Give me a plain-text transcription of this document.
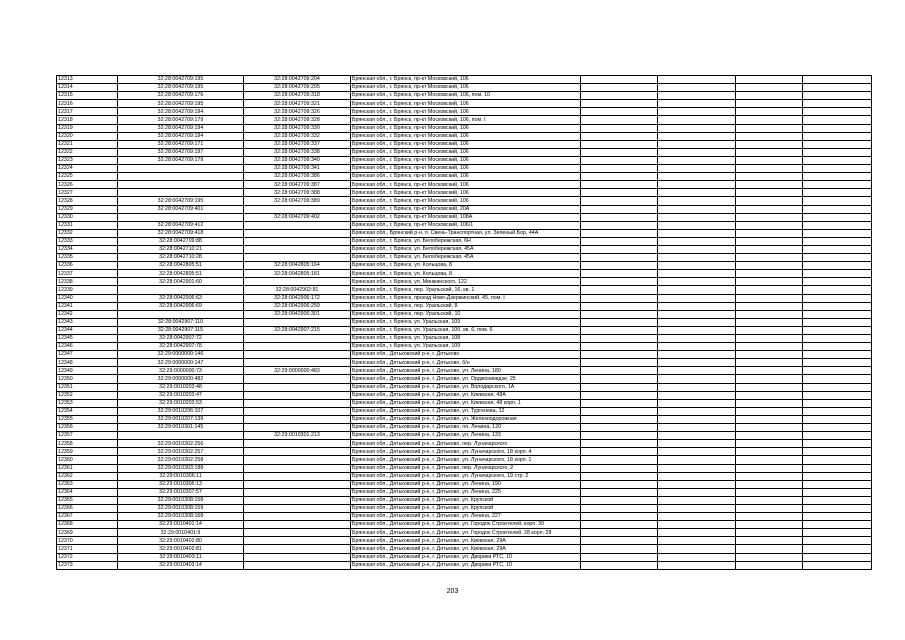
12313	32:28:0042709:195	32:28:0042709:204	Брянская обл., г. Брянск, пр-кт Московский, 106				
12314	32:28:0042709:195	32:28:0042709:205	Брянская обл., г. Брянск, пр-кт Московский, 106				
12315	32:28:0042709:176	32:28:0042709:318	Брянская обл., г. Брянск, пр-кт Московский, 106, пом. 10				
12316	32:28:0042709:195	32:28:0042709:321	Брянская обл., г. Брянск, пр-кт Московский, 106				
12317	32:28:0042709:194	32:28:0042709:326	Брянская обл., г. Брянск, пр-кт Московский, 106				
12318	32:28:0042709:179	32:28:0042709:328	Брянская обл., г. Брянск, пр-кт Московский, 106, пом. I				
12319	32:28:0042709:194	32:28:0042709:330	Брянская обл., г. Брянск, пр-кт Московский, 106				
12320	32:28:0042709:194	32:28:0042709:332	Брянская обл., г. Брянск, пр-кт Московский, 106				
12321	32:28:0042709:171	32:28:0042709:337	Брянская обл., г. Брянск, пр-кт Московский, 106				
12322	32:28:0042709:197	32:28:0042709:338	Брянская обл., г. Брянск, пр-кт Московский, 106				
12323	32:28:0042709:179	32:28:0042709:340	Брянская обл., г. Брянск, пр-кт Московский, 106				
12324		32:28:0042709:341	Брянская обл., г. Брянск, пр-кт Московский, 106				
12325		32:28:0042709:386	Брянская обл., г. Брянск, пр-кт Московский, 106				
12326		32:28:0042709:387	Брянская обл., г. Брянск, пр-кт Московский, 106				
12327		32:28:0042709:388	Брянская обл., г. Брянск, пр-кт Московский, 106				
12328	32:28:0042709:195	32:28:0042709:389	Брянская обл., г. Брянск, пр-кт Московский, 106				
12329	32:28:0042709:401		Брянская обл., г. Брянск, пр-кт Московский, 20А				
12330		32:28:0042709:402	Брянская обл., г. Брянск, пр-кт Московский, 108А				
12331	32:28:0042709:412		Брянская обл., г. Брянск, пр-кт Московский, 106/1				
12332	32:28:0042709:418		Брянская обл., Брянский р-н, п. Свень-Транспортная, ул. Зеленый Бор, 44А				
12333	32:28:0042709:88		Брянская обл., г. Брянск, ул. Белобережская, 6Н				
12334	32:28:0042710:21		Брянская обл., г. Брянск, ул. Белобережская, 45А				
12335	32:28:0042710:28		Брянская обл., г. Брянск, ул. Белобережская, 45А				
12336	32:28:0042805:51	32:28:0042805:164	Брянская обл., г. Брянск, ул. Кольцова, 8				
12337	32:28:0042805:51	32:28:0042805:181	Брянская обл., г. Брянск, ул. Кольцова, 8				
12338	32:28:0042901:60		Брянская обл., г. Брянск, ул. Минжинского, 122				
12339		32:28:0042902:81	Брянская обл., г. Брянск, пер. Уральский, 16, кв. 1				
12340	32:28:0042906:63	32:28:0042906:172	Брянская обл., г. Брянск, проезд Ново-Дзержинский, 45, пом. I				
12341	32:28:0042906:69	32:28:0042906:259	Брянская обл., г. Брянск, пер. Уральский, 8				
12342		32:28:0042906:301	Брянская обл., г. Брянск, пер. Уральский, 10				
12343	32:28:0042907:110		Брянская обл., г. Брянск, ул. Уральская, 109				
12344	32:28:0042907:115	32:28:0042907:215	Брянская обл., г. Брянск, ул. Уральская, 10б, кв. 6, пом. 6				
12345	32:28:0042907:72		Брянская обл., г. Брянск, ул. Уральская, 108				
12346	32:28:0042907:78		Брянская обл., г. Брянск, ул. Уральская, 109				
12347	32:29:0000000:146		Брянская обл., Дятьковский р-н, г. Дятьково				
12348	32:29:0000000:147		Брянская обл., Дятьковский р-н, г. Дятьково, б/н				
12349	32:29:0000000:73	32:29:0000000:483	Брянская обл., Дятьковский р-н, г. Дятьково, ул. Ленина, 180				
12350	32:29:0000000:482		Брянская обл., Дятьковский р-н, г. Дятьково, ул. Орджоникидзе, 25				
12351	32:29:0010203:48		Брянская обл., Дятьковский р-н, г. Дятьково, ул. Володарского, 1А				
12352	32:29:0010203:47		Брянская обл., Дятьковский р-н, г. Дятьково, ул. Киевская, 48А				
12353	32:29:0010203:53		Брянская обл., Дятьковский р-н, г. Дятьково, ул. Киевская, 48 корп. 1				
12354	32:29:0010206:107		Брянская обл., Дятьковский р-н, г. Дятьково, ул. Тургенева, 12				
12355	32:29:0010207:139		Брянская обл., Дятьковский р-н, г. Дятьково, ул. Железнодорожная				
12356	32:29:0010301:145		Брянская обл., Дятьковский р-н, г. Дятьково, пл. Ленина, 120				
12357		32:29:0010301:213	Брянская обл., Дятьковский р-н, г. Дятьково, ул. Ленина, 133				
12358	32:29:0010302:256		Брянская обл., Дятьковский р-н, г. Дятьково, пер. Луначарского				
12359	32:29:0010302:257		Брянская обл., Дятьковский р-н, г. Дятьково, ул. Луначарского, 18 корп. 4				
12360	32:29:0010302:258		Брянская обл., Дятьковский р-н, г. Дятьково, ул. Луначарского, 18 корп. 1				
12361	32:29:0010303:188		Брянская обл., Дятьковский р-н, г. Дятьково, пер. Луначарского, 2				
12362	32:29:0010306:11		Брянская обл., Дятьковский р-н, г. Дятьково, ул. Луначарского, 19 стр. 2				
12363	32:29:0010306:13		Брянская обл., Дятьковский р-н, г. Дятьково, ул. Ленина, 190				
12364	32:29:0010307:57		Брянская обл., Дятьковский р-н, г. Дятьково, ул. Ленина, 225				
12365	32:29:0010308:158		Брянская обл., Дятьковский р-н, г. Дятьково, ул. Крупской				
12366	32:29:0010308:159		Брянская обл., Дятьковский р-н, г. Дятьково, ул. Крупской				
12367	32:29:0010308:168		Брянская обл., Дятьковский р-н, г. Дятьково, ул. Ленина, 227				
12368	32:29:0010401:14		Брянская обл., Дятьковский р-н, г. Дятьково, ул. Городок Строителей, корп. 30				
12369	32:29:0010401:9		Брянская обл., Дятьковский р-н, г. Дятьково, ул. Городок Строителей, 28 корп. 28				
12370	32:29:0010402:80		Брянская обл., Дятьковский р-н, г. Дятьково, ул. Киевская, 29А				
12371	32:29:0010402:81		Брянская обл., Дятьковский р-н, г. Дятьково, ул. Киевская, 29А				
12372	32:29:0010403:11		Брянская обл., Дятьковский р-н, г. Дятьково, ул. Дворики РТС, 10				
12373	32:29:0010403:14		Брянская обл., Дятьковский р-н, г. Дятьково, ул. Дворики РТС, 10				
203
